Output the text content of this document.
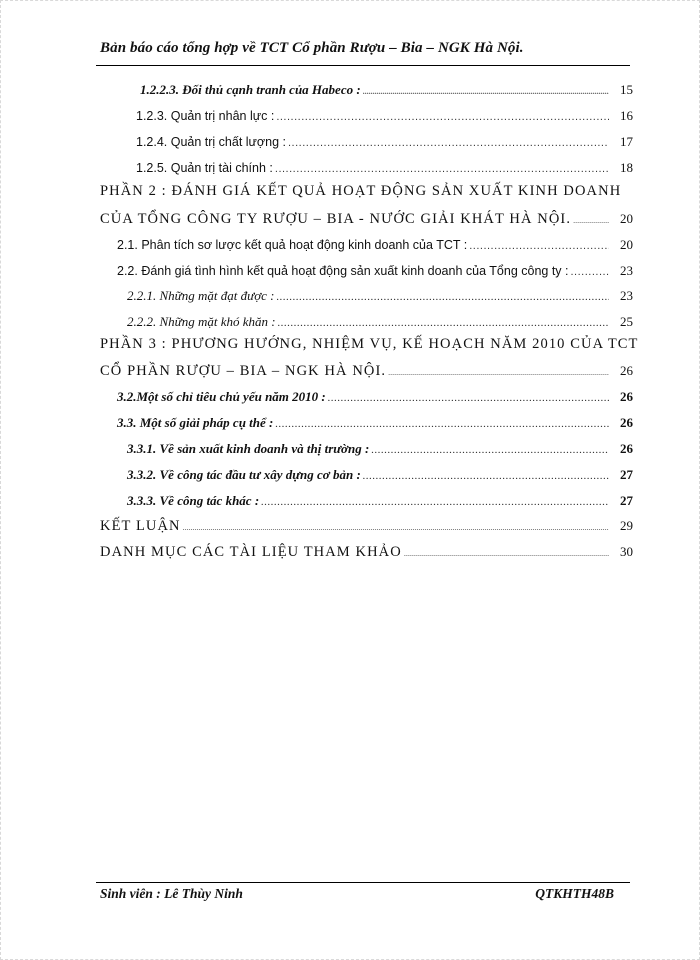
Bản báo cáo tổng hợp về TCT Cổ phần Rượu – Bia – NGK Hà Nội.
1.2.2.3. Đối thủ cạnh tranh của Habeco : .....	15
1.2.3. Quản trị nhân lực : .....	16
1.2.4. Quản trị chất lượng : .....	17
1.2.5. Quản trị tài chính : .....	18
PHẦN 2 : ĐÁNH GIÁ KẾT QUẢ HOẠT ĐỘNG SẢN XUẤT KINH DOANH
CỦA TỔNG CÔNG TY RƯỢU – BIA - NƯỚC GIẢI KHÁT HÀ NỘI. .....	20
2.1. Phân tích sơ lược kết quả hoạt động kinh doanh của TCT : .....	20
2.2. Đánh giá tình hình kết quả hoạt động sản xuất kinh doanh của Tổng công ty : .....	23
2.2.1. Những mặt đạt được : .....	23
2.2.2. Những mặt khó khăn : .....	25
PHẦN 3 : PHƯƠNG HƯỚNG, NHIỆM VỤ, KẾ HOẠCH NĂM 2010 CỦA TCT
CỔ PHẦN RƯỢU – BIA – NGK HÀ NỘI. .....	26
3.2.Một số chỉ tiêu chủ yếu năm 2010 : .....	26
3.3. Một số giải pháp cụ thể : .....	26
3.3.1. Về sản xuất kinh doanh và thị trường : .....	26
3.3.2. Về công tác đầu tư xây dựng cơ bản : .....	27
3.3.3. Về công tác khác : .....	27
KẾT LUẬN .....	29
DANH MỤC CÁC TÀI LIỆU THAM KHẢO .....	30
Sinh viên : Lê Thùy Ninh	QTKHTH48B
